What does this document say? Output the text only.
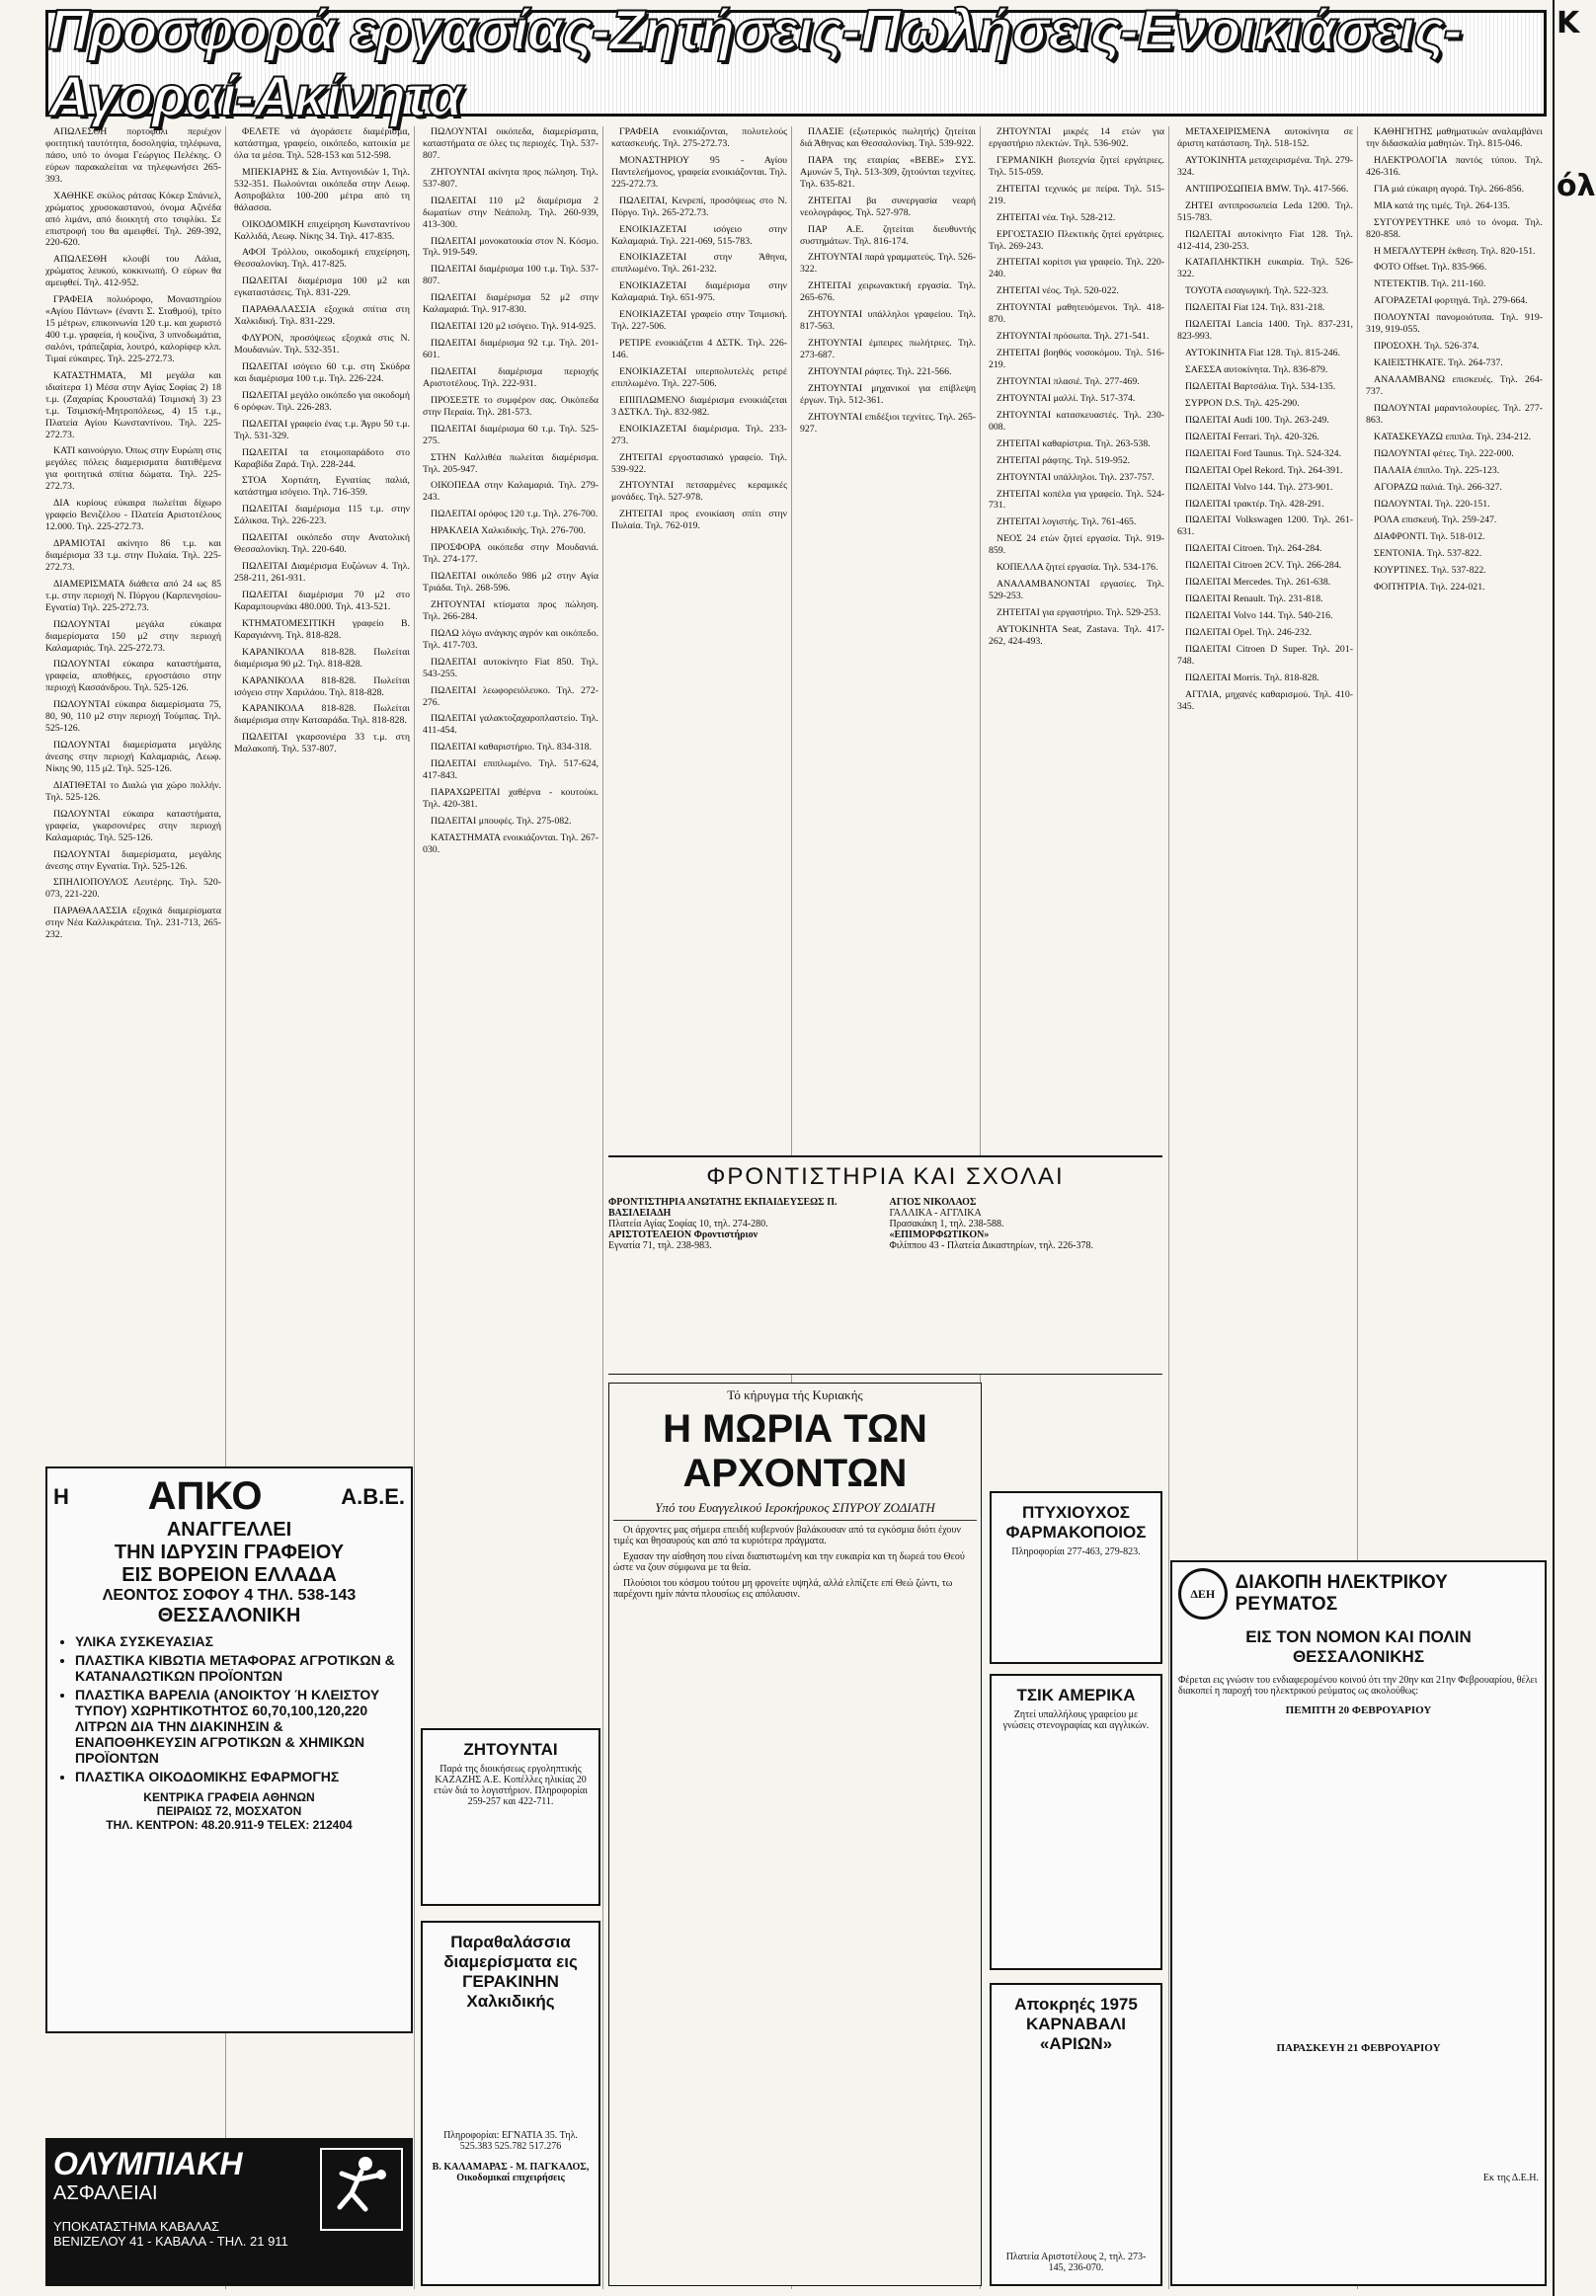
Προσφορά εργασίας-Ζητήσεις-Πωλήσεις-Ενοικιάσεις-Αγοραί-Ακίνητα
Κ
όλ

ΑΠΩΛΕΣΘΗ πορτοφόλι περιέχον φοιτητική ταυτότητα, δοσοληψία, τηλέφωνα, πάσο, υπό το όνομα Γεώργιος Πελέκης. Ο εύρων παρακαλείται να τηλεφωνήσει 265-393.

ΧΑΘΗΚΕ σκύλος ράτσας Κόκερ Σπάνιελ, χρώματος χρυσοκαστανού, όνομα Αζινέδα από λιμάνι, από διοικητή στο τσιφλίκι. Σε επιστροφή του θα αμειφθεί. Τηλ. 269-392, 220-620.

ΑΠΩΛΕΣΘΗ κλουβί του Λάλια, χρώματος λευκού, κοκκινωπή. Ο εύρων θα αμειφθεί. Τηλ. 412-952.

ΓΡΑΦΕΙΑ πολυόροφο, Μοναστηρίου «Αγίου Πάντων» (έναντι Σ. Σταθμού), τρίτο 15 μέτρων, επικοινωνία 120 τ.μ. και χωριστό 400 τ.μ. γραφεία, ή κουζίνα, 3 υπνοδωμάτια, σαλόνι, τράπεζαρία, λουτρό, καλορίφερ κλπ. Τιμαί εύκαιρες. Τηλ. 225-272.73.

ΚΑΤΑΣΤΗΜΑΤΑ, ΜΙ μεγάλα και ιδιαίτερα 1) Μέσα στην Αγίας Σοφίας 2) 18 τ.μ. (Ζαχαρίας Κρουσταλά) Τσιμισκή 3) 23 τ.μ. Τσιμισκή-Μητροπόλεως, 4) 15 τ.μ., Πλατεία Αγίου Κωνσταντίνου. Τηλ. 225-272.73.

ΚΑΤΙ καινούργιο. Όπως στην Ευρώπη στις μεγάλες πόλεις διαμερισματα διατιθέμενα για φοιτητικά σπίτια δώματα. Τηλ. 225-272.73.

ΔΙΑ κυρίους εύκαιρα πωλείται δίχωρο γραφείο Βενιζέλου - Πλατεία Αριστοτέλους 12.000. Τηλ. 225-272.73.

ΔΡΑΜΙΟΤΑΙ ακίνητο 86 τ.μ. και διαμέρισμα 33 τ.μ. στην Πυλαία. Τηλ. 225-272.73.

ΔΙΑΜΕΡΙΣΜΑΤΑ διάθετα από 24 ως 85 τ.μ. στην περιοχή Ν. Πύργου (Καρπενησίου-Εγνατία) Τηλ. 225-272.73.

ΠΩΛΟΥΝΤΑΙ μεγάλα εύκαιρα διαμερίσματα 150 μ2 στην περιοχή Καλαμαριάς. Τηλ. 225-272.73.

ΠΩΛΟΥΝΤΑΙ εύκαιρα καταστήματα, γραφεία, αποθήκες, εργοστάσιο στην περιοχή Κασσάνδρου. Τηλ. 525-126.

ΠΩΛΟΥΝΤΑΙ εύκαιρα διαμερίσματα 75, 80, 90, 110 μ2 στην περιοχή Τούμπας. Τηλ. 525-126.

ΠΩΛΟΥΝΤΑΙ διαμερίσματα μεγάλης άνεσης στην περιοχή Καλαμαριάς, Λεωφ. Νίκης 90, 115 μ2. Τηλ. 525-126.

ΔΙΑΤΙΘΕΤΑΙ το Διαλώ για χώρο πολλήν. Τηλ. 525-126.

ΠΩΛΟΥΝΤΑΙ εύκαιρα καταστήματα, γραφεία, γκαρσονιέρες στην περιοχή Καλαμαριάς. Τηλ. 525-126.

ΠΩΛΟΥΝΤΑΙ διαμερίσματα, μεγάλης άνεσης στην Εγνατία. Τηλ. 525-126.

ΣΠΗΛΙΟΠΟΥΛΟΣ Λευτέρης. Τηλ. 520-073, 221-220.

ΠΑΡΑΘΑΛΑΣΣΙΑ εξοχικά διαμερίσματα στην Νέα Καλλικράτεια. Τηλ. 231-713, 265-232.

ΦΕΛΕΤΕ νά άγοράσετε διαμέρισμα, κατάστημα, γραφείο, οικόπεδο, κατοικία με όλα τα μέσα. Τηλ. 528-153 και 512-598.

ΜΠΕΚΙΑΡΗΣ & Σία. Αντιγονιδών 1, Τηλ. 532-351. Πωλούνται οικόπεδα στην Λεωφ. Ασπροβάλτα 100-200 μέτρα από τη θάλασσα.

ΟΙΚΟΔΟΜΙΚΗ επιχείρηση Κωνσταντίνου Καλλιδά, Λεωφ. Νίκης 34. Τηλ. 417-835.

ΑΦΟΙ Τρόλλου, οικοδομική επιχείρηση, Θεσσαλονίκη. Τηλ. 417-825.

ΠΩΛΕΙΤΑΙ διαμέρισμα 100 μ2 και εγκαταστάσεις. Τηλ. 831-229.

ΠΑΡΑΘΑΛΑΣΣΙΑ εξοχικά σπίτια στη Χαλκιδική. Τηλ. 831-229.

ΦΛΥΡΟΝ, προσόψεως εξοχικά στις Ν. Μουδανιών. Τηλ. 532-351.

ΠΩΛΕΙΤΑΙ ισόγειο 60 τ.μ. στη Σκύδρα και διαμέρισμα 100 τ.μ. Τηλ. 226-224.

ΠΩΛΕΙΤΑΙ μεγάλο οικόπεδο για οικοδομή 6 ορόφων. Τηλ. 226-283.

ΠΩΛΕΙΤΑΙ γραφείο ένας τ.μ. Άγρυ 50 τ.μ. Τηλ. 531-329.

ΠΩΛΕΙΤΑΙ τα ετοιμοπαράδοτο στο Καραβίδα Ζαρά. Τηλ. 228-244.

ΣΤΟΑ Χορτιάτη, Εγνατίας παλιά, κατάστημα ισόγειο. Τηλ. 716-359.

ΠΩΛΕΙΤΑΙ διαμέρισμα 115 τ.μ. στην Σάλικσα. Τηλ. 226-223.

ΠΩΛΕΙΤΑΙ οικόπεδο στην Ανατολική Θεσσαλονίκη. Τηλ. 220-640.

ΠΩΛΕΙΤΑΙ Διαμέρισμα Ευζώνων 4. Τηλ. 258-211, 261-931.

ΠΩΛΕΙΤΑΙ διαμέρισμα 70 μ2 στο Καραμπουρνάκι 480.000. Τηλ. 413-521.

ΚΤΗΜΑΤΟΜΕΣΙΤΙΚΗ γραφείο Β. Καραγιάννη. Τηλ. 818-828.

ΚΑΡΑΝΙΚΟΛΑ 818-828. Πωλείται διαμέρισμα 90 μ2. Τηλ. 818-828.

ΚΑΡΑΝΙΚΟΛΑ 818-828. Πωλείται ισόγειο στην Χαριλάου. Τηλ. 818-828.

ΚΑΡΑΝΙΚΟΛΑ 818-828. Πωλείται διαμέρισμα στην Κατσαράδα. Τηλ. 818-828.

ΠΩΛΕΙΤΑΙ γκαρσονιέρα 33 τ.μ. στη Μαλακοπή. Τηλ. 537-807.

ΠΩΛΟΥΝΤΑΙ οικόπεδα, διαμερίσματα, καταστήματα σε όλες τις περιοχές. Τηλ. 537-807.

ΖΗΤΟΥΝΤΑΙ ακίνητα προς πώληση. Τηλ. 537-807.

ΠΩΛΕΙΤΑΙ 110 μ2 διαμέρισμα 2 δωματίων στην Νεάπολη. Τηλ. 260-939, 413-300.

ΠΩΛΕΙΤΑΙ μονοκατοικία στον Ν. Κόσμο. Τηλ. 919-549.

ΠΩΛΕΙΤΑΙ διαμέρισμα 100 τ.μ. Τηλ. 537-807.

ΠΩΛΕΙΤΑΙ διαμέρισμα 52 μ2 στην Καλαμαριά. Τηλ. 917-830.

ΠΩΛΕΙΤΑΙ 120 μ2 ισόγειο. Τηλ. 914-925.

ΠΩΛΕΙΤΑΙ διαμέρισμα 92 τ.μ. Τηλ. 201-601.

ΠΩΛΕΙΤΑΙ διαμέρισμα περιοχής Αριστοτέλους. Τηλ. 222-931.

ΠΡΟΣΕΞΤΕ το συμφέρον σας. Οικόπεδα στην Περαία. Τηλ. 281-573.

ΠΩΛΕΙΤΑΙ διαμέρισμα 60 τ.μ. Τηλ. 525-275.

ΣΤΗΝ Καλλιθέα πωλείται διαμέρισμα. Τηλ. 205-947.

ΟΙΚΟΠΕΔΑ στην Καλαμαριά. Τηλ. 279-243.

ΠΩΛΕΙΤΑΙ ορόφος 120 τ.μ. Τηλ. 276-700.

ΗΡΑΚΛΕΙΑ Χαλκιδικής. Τηλ. 276-700.

ΠΡΟΣΦΟΡΑ οικόπεδα στην Μουδανιά. Τηλ. 274-177.

ΠΩΛΕΙΤΑΙ οικόπεδο 986 μ2 στην Αγία Τριάδα. Τηλ. 268-596.

ΖΗΤΟΥΝΤΑΙ κτίσματα προς πώληση. Τηλ. 266-284.

ΠΩΛΩ λόγω ανάγκης αγρόν και οικόπεδο. Τηλ. 417-703.

ΠΩΛΕΙΤΑΙ αυτοκίνητο Fiat 850. Τηλ. 543-255.

ΠΩΛΕΙΤΑΙ λεωφορειόλευκο. Τηλ. 272-276.

ΠΩΛΕΙΤΑΙ γαλακτοζαχαροπλαστείο. Τηλ. 411-454.

ΠΩΛΕΙΤΑΙ καθαριστήριο. Τηλ. 834-318.

ΠΩΛΕΙΤΑΙ επιπλωμένο. Τηλ. 517-624, 417-843.

ΠΑΡΑΧΩΡΕΙΤΑΙ χαθέρνα - κουτούκι. Τηλ. 420-381.

ΠΩΛΕΙΤΑΙ μπουφές. Τηλ. 275-082.

ΚΑΤΑΣΤΗΜΑΤΑ ενοικιάζονται. Τηλ. 267-030.

ΓΡΑΦΕΙΑ ενοικιάζονται, πολυτελούς κατασκευής. Τηλ. 275-272.73.

ΜΟΝΑΣΤΗΡΙΟΥ 95 - Αγίου Παντελεήμονος, γραφεία ενοικιάζονται. Τηλ. 225-272.73.

ΠΩΛΕΙΤΑΙ, Κενρεπί, προσόψεως στο Ν. Πύργο. Τηλ. 265-272.73.

ΕΝΟΙΚΙΑΖΕΤΑΙ ισόγειο στην Καλαμαριά. Τηλ. 221-069, 515-783.

ΕΝΟΙΚΙΑΖΕΤΑΙ στην Άθηνα, επιπλωμένο. Τηλ. 261-232.

ΕΝΟΙΚΙΑΖΕΤΑΙ διαμέρισμα στην Καλαμαριά. Τηλ. 651-975.

ΕΝΟΙΚΙΑΖΕΤΑΙ γραφείο στην Τσιμισκή. Τηλ. 227-506.

ΡΕΤΙΡΕ ενοικιάζεται 4 ΔΣΤΚ. Τηλ. 226-146.

ΕΝΟΙΚΙΑΖΕΤΑΙ υπερπολυτελές ρετιρέ επιπλωμένο. Τηλ. 227-506.

ΕΠΙΠΛΩΜΕΝΟ διαμέρισμα ενοικιάζεται 3 ΔΣΤΚΛ. Τηλ. 832-982.

ΕΝΟΙΚΙΑΖΕΤΑΙ διαμέρισμα. Τηλ. 233-273.

ΖΗΤΕΙΤΑΙ εργοστασιακό γραφείο. Τηλ. 539-922.

ΖΗΤΟΥΝΤΑΙ πετσαρμένες κεραμικές μονάδες. Τηλ. 527-978.

ΖΗΤΕΙΤΑΙ προς ενοικίαση σπίτι στην Πυλαία. Τηλ. 762-019.

ΠΛΑΣΙΕ (εξωτερικός πωλητής) ζητείται διά Άθηνας και Θεσσαλονίκη. Τηλ. 539-922.

ΠΑΡΑ της εταιρίας «ΒΕΒΕ» ΣΥΣ. Αμυνών 5, Τηλ. 513-309, ζητούνται τεχνίτες. Τηλ. 635-821.

ΖΗΤΕΙΤΑΙ βα συνεργασία νεαρή νεολογράφος. Τηλ. 527-978.

ΠΑΡ Α.Ε. ζητείται διευθυντής συστημάτων. Τηλ. 816-174.

ΖΗΤΟΥΝΤΑΙ παρά γραμματεύς. Τηλ. 526-322.

ΖΗΤΕΙΤΑΙ χειρωνακτική εργασία. Τηλ. 265-676.

ΖΗΤΟΥΝΤΑΙ υπάλληλοι γραφείου. Τηλ. 817-563.

ΖΗΤΟΥΝΤΑΙ έμπειρες πωλήτριες. Τηλ. 273-687.

ΖΗΤΟΥΝΤΑΙ ράφτες. Τηλ. 221-566.

ΖΗΤΟΥΝΤΑΙ μηχανικοί για επίβλεψη έργων. Τηλ. 512-361.

ΖΗΤΟΥΝΤΑΙ επιδέξιοι τεχνίτες. Τηλ. 265-927.

ΖΗΤΟΥΝΤΑΙ μικρές 14 ετών για εργαστήριο πλεκτών. Τηλ. 536-902.

ΓΕΡΜΑΝΙΚΗ βιοτεχνία ζητεί εργάτριες. Τηλ. 515-059.

ΖΗΤΕΙΤΑΙ τεχνικός με πείρα. Τηλ. 515-219.

ΖΗΤΕΙΤΑΙ νέα. Τηλ. 528-212.

ΕΡΓΟΣΤΑΣΙΟ Πλεκτικής ζητεί εργάτριες. Τηλ. 269-243.

ΖΗΤΕΙΤΑΙ κορίτσι για γραφείο. Τηλ. 220-240.

ΖΗΤΕΙΤΑΙ νέος. Τηλ. 520-022.

ΖΗΤΟΥΝΤΑΙ μαθητευόμενοι. Τηλ. 418-870.

ΖΗΤΟΥΝΤΑΙ πρόσωπα. Τηλ. 271-541.

ΖΗΤΕΙΤΑΙ βοηθός νοσοκόμου. Τηλ. 516-219.

ΖΗΤΟΥΝΤΑΙ πλασιέ. Τηλ. 277-469.

ΖΗΤΟΥΝΤΑΙ μαλλί. Τηλ. 517-374.

ΖΗΤΟΥΝΤΑΙ κατασκευαστές. Τηλ. 230-008.

ΖΗΤΕΙΤΑΙ καθαρίστρια. Τηλ. 263-538.

ΖΗΤΕΙΤΑΙ ράφτης. Τηλ. 519-952.

ΖΗΤΟΥΝΤΑΙ υπάλληλοι. Τηλ. 237-757.

ΖΗΤΕΙΤΑΙ κοπέλα για γραφείο. Τηλ. 524-731.

ΖΗΤΕΙΤΑΙ λογιστής. Τηλ. 761-465.

ΝΕΟΣ 24 ετών ζητεί εργασία. Τηλ. 919-859.

ΚΟΠΕΛΛΑ ζητεί εργασία. Τηλ. 534-176.

ΑΝΑΛΑΜΒΑΝΟΝΤΑΙ εργασίες. Τηλ. 529-253.

ΖΗΤΕΙΤΑΙ για εργαστήριο. Τηλ. 529-253.

ΑΥΤΟΚΙΝΗΤΑ Seat, Zastava. Τηλ. 417-262, 424-493.

ΜΕΤΑΧΕΙΡΙΣΜΕΝΑ αυτοκίνητα σε άριστη κατάσταση. Τηλ. 518-152.

ΑΥΤΟΚΙΝΗΤΑ μεταχειρισμένα. Τηλ. 279-324.

ΑΝΤΙΠΡΟΣΩΠΕΙΑ BMW. Τηλ. 417-566.

ΖΗΤΕΙ αντιπροσωπεία Leda 1200. Τηλ. 515-783.

ΠΩΛΕΙΤΑΙ αυτοκίνητο Fiat 128. Τηλ. 412-414, 230-253.

ΚΑΤΑΠΛΗΚΤΙΚΗ ευκαιρία. Τηλ. 526-322.

ΤΟΥΟΤΑ εισαγωγική. Τηλ. 522-323.

ΠΩΛΕΙΤΑΙ Fiat 124. Τηλ. 831-218.

ΠΩΛΕΙΤΑΙ Lancia 1400. Τηλ. 837-231, 823-993.

ΑΥΤΟΚΙΝΗΤΑ Fiat 128. Τηλ. 815-246.

ΣΑΕΣΣΑ αυτοκίνητα. Τηλ. 836-879.

ΠΩΛΕΙΤΑΙ Βαρτσάλια. Τηλ. 534-135.

ΣΥΡΡΟΝ D.S. Τηλ. 425-290.

ΠΩΛΕΙΤΑΙ Audi 100. Τηλ. 263-249.

ΠΩΛΕΙΤΑΙ Ferrari. Τηλ. 420-326.

ΠΩΛΕΙΤΑΙ Ford Taunus. Τηλ. 524-324.

ΠΩΛΕΙΤΑΙ Opel Rekord. Τηλ. 264-391.

ΠΩΛΕΙΤΑΙ Volvo 144. Τηλ. 273-901.

ΠΩΛΕΙΤΑΙ τρακτέρ. Τηλ. 428-291.

ΠΩΛΕΙΤΑΙ Volkswagen 1200. Τηλ. 261-631.

ΠΩΛΕΙΤΑΙ Citroen. Τηλ. 264-284.

ΠΩΛΕΙΤΑΙ Citroen 2CV. Τηλ. 266-284.

ΠΩΛΕΙΤΑΙ Mercedes. Τηλ. 261-638.

ΠΩΛΕΙΤΑΙ Renault. Τηλ. 231-818.

ΠΩΛΕΙΤΑΙ Volvo 144. Τηλ. 540-216.

ΠΩΛΕΙΤΑΙ Opel. Τηλ. 246-232.

ΠΩΛΕΙΤΑΙ Citroen D Super. Τηλ. 201-748.

ΠΩΛΕΙΤΑΙ Morris. Τηλ. 818-828.

ΑΓΓΛΙΑ, μηχανές καθαρισμού. Τηλ. 410-345.

ΚΑΘΗΓΗΤΗΣ μαθηματικών αναλαμβάνει την διδασκαλία μαθητών. Τηλ. 815-046.

ΗΛΕΚΤΡΟΛΟΓΙΑ παντός τύπου. Τηλ. 426-316.

ΓΙΑ μιά εύκαιρη αγορά. Τηλ. 266-856.

ΜΙΑ κατά της τιμές. Τηλ. 264-135.

ΣΥΓΟΥΡΕΥΤΗΚΕ υπό το όνομα. Τηλ. 820-858.

Η ΜΕΓΑΛΥΤΕΡΗ έκθεση. Τηλ. 820-151.

ΦΟΤΟ Offset. Τηλ. 835-966.

ΝΤΕΤΕΚΤΙΒ. Τηλ. 211-160.

ΑΓΟΡΑΖΕΤΑΙ φορτηγά. Τηλ. 279-664.

ΠΟΛΟΥΝΤΑΙ πανομοιότυπα. Τηλ. 919-319, 919-055.

ΠΡΟΣΟΧΗ. Τηλ. 526-374.

ΚΑΙΕΙΣΤΗΚΑΤΕ. Τηλ. 264-737.

ΑΝΑΛΑΜΒΑΝΩ επισκευές. Τηλ. 264-737.

ΠΩΛΟΥΝΤΑΙ μαραντολουρίες. Τηλ. 277-863.

ΚΑΤΑΣΚΕΥΑΖΩ επιπλα. Τηλ. 234-212.

ΠΩΛΟΥΝΤΑΙ φέτες. Τηλ. 222-000.

ΠΑΛΑΙΑ έπιπλο. Τηλ. 225-123.

ΑΓΟΡΑΖΩ παλιά. Τηλ. 266-327.

ΠΩΛΟΥΝΤΑΙ. Τηλ. 220-151.

ΡΟΛΑ επισκευή. Τηλ. 259-247.

ΔΙΑΦΡΟΝΤΙ. Τηλ. 518-012.

ΣΕΝΤΟΝΙΑ. Τηλ. 537-822.

ΚΟΥΡΤΙΝΕΣ. Τηλ. 537-822.

ΦΟΙΤΗΤΡΙΑ. Τηλ. 224-021.

Η ΑΠΚΟ	Α.Β.Ε.
ΑΝΑΓΓΕΛΛΕΙ
ΤΗΝ ΙΔΡΥΣΙΝ ΓΡΑΦΕΙΟΥ
ΕΙΣ ΒΟΡΕΙΟΝ ΕΛΛΑΔΑ
ΛΕΟΝΤΟΣ ΣΟΦΟΥ 4 ΤΗΛ. 538-143
ΘΕΣΣΑΛΟΝΙΚΗ
• ΥΛΙΚΑ ΣΥΣΚΕΥΑΣΙΑΣ
• ΠΛΑΣΤΙΚΑ ΚΙΒΩΤΙΑ ΜΕΤΑΦΟΡΑΣ ΑΓΡΟΤΙΚΩΝ & ΚΑΤΑΝΑΛΩΤΙΚΩΝ ΠΡΟΪΟΝΤΩΝ
• ΠΛΑΣΤΙΚΑ ΒΑΡΕΛΙΑ (ΑΝΟΙΚΤΟΥ Ή ΚΛΕΙΣΤΟΥ ΤΥΠΟΥ) ΧΩΡΗΤΙΚΟΤΗΤΟΣ 60,70,100,120,220 ΛΙΤΡΩΝ ΔΙΑ ΤΗΝ ΔΙΑΚΙΝΗΣΙΝ & ΕΝΑΠΟΘΗΚΕΥΣΙΝ ΑΓΡΟΤΙΚΩΝ & ΧΗΜΙΚΩΝ ΠΡΟΪΟΝΤΩΝ
• ΠΛΑΣΤΙΚΑ ΟΙΚΟΔΟΜΙΚΗΣ ΕΦΑΡΜΟΓΗΣ
ΚΕΝΤΡΙΚΑ ΓΡΑΦΕΙΑ ΑΘΗΝΩΝ
ΠΕΙΡΑΙΩΣ 72, ΜΟΣΧΑΤΟΝ
ΤΗΛ. ΚΕΝΤΡΟΝ: 48.20.911-9 TELEX: 212404
ΟΛΥΜΠΙΑΚΗ
ΑΣΦΑΛΕΙΑΙ
ΥΠΟΚΑΤΑΣΤΗΜΑ ΚΑΒΑΛΑΣ
ΒΕΝΙΖΕΛΟΥ 41 - ΚΑΒΑΛΑ - ΤΗΛ. 21 911
ΖΗΤΟΥΝΤΑΙ
Παρά της διοικήσεως εργοληπτικής ΚΑΖΑΖΗΣ Α.Ε. Κοπέλλες ηλικίας 20 ετών διά το λογιστήριον. Πληροφορίαι 259-257 και 422-711.
Παραθαλάσσια διαμερίσματα εις ΓΕΡΑΚΙΝΗΝ Χαλκιδικής
Πληροφορίαι: ΕΓΝΑΤΙΑ 35. Τηλ. 525.383 525.782 517.276
Β. ΚΑΛΑΜΑΡΑΣ - Μ. ΠΑΓΚΑΛΟΣ, Οικοδομικαί επιχειρήσεις
ΦΡΟΝΤΙΣΤΗΡΙΑ ΚΑΙ ΣΧΟΛΑΙ
ΦΡΟΝΤΙΣΤΗΡΙΑ ΑΝΩΤΑΤΗΣ ΕΚΠΑΙΔΕΥΣΕΩΣ Π. ΒΑΣΙΛΕΙΑΔΗ
Πλατεία Αγίας Σοφίας 10, τηλ. 274-280.
ΑΡΙΣΤΟΤΕΛΕΙΟΝ Φροντιστήριον
Εγνατία 71, τηλ. 238-983.
ΑΓΙΟΣ ΝΙΚΟΛΑΟΣ
ΓΑΛΛΙΚΑ - ΑΓΓΛΙΚΑ
Πρασακάκη 1, τηλ. 238-588.
«ΕΠΙΜΟΡΦΩΤΙΚΟΝ»
Φιλίππου 43 - Πλατεία Δικαστηρίων, τηλ. 226-378.
Τό κήρυγμα τής Κυριακής
Η ΜΩΡΙΑ ΤΩΝ ΑΡΧΟΝΤΩΝ
Υπό του Ευαγγελικού Ιεροκήρυκος ΣΠΥΡΟΥ ΖΟΔΙΑΤΗ

Οι άρχοντες μας σήμερα επειδή κυβερνούν βαλάκουσαν από τα εγκόσμια διότι έχουν τιμές και θησαυρούς και από τα κυριότερα πράγματα.

Εχασαν την αίσθηση που είναι διαπιστωμένη και την ευκαιρία και τη δωρεά του Θεού ώστε να ζουν σύμφωνα με τα θεία.

Πλούσιοι του κόσμου τούτου μη φρονείτε υψηλά, αλλά ελπίζετε επί Θεώ ζώντι, τω παρέχοντι ημίν πάντα πλουσίως εις απόλαυσιν.

ΠΤΥΧΙΟΥΧΟΣ ΦΑΡΜΑΚΟΠΟΙΟΣ
Πληροφορίαι 277-463, 279-823.
ΤΣΙΚ ΑΜΕΡΙΚΑ
Ζητεί υπαλλήλους γραφείου με γνώσεις στενογραφίας και αγγλικών.
Αποκρηές 1975 ΚΑΡΝΑΒΑΛΙ «ΑΡΙΩΝ»
Πλατεία Αριστοτέλους 2, τηλ. 273-145, 236-070.
ΔΕΗ
ΔΙΑΚΟΠΗ ΗΛΕΚΤΡΙΚΟΥ ΡΕΥΜΑΤΟΣ
ΕΙΣ ΤΟΝ ΝΟΜΟΝ ΚΑΙ ΠΟΛΙΝ ΘΕΣΣΑΛΟΝΙΚΗΣ
Φέρεται εις γνώσιν του ενδιαφερομένου κοινού ότι την 20ην και 21ην Φεβρουαρίου, θέλει διακοπεί η παροχή του ηλεκτρικού ρεύματος ως ακολούθως:
ΠΕΜΠΤΗ 20 ΦΕΒΡΟΥΑΡΙΟΥ
ΠΑΡΑΣΚΕΥΗ 21 ΦΕΒΡΟΥΑΡΙΟΥ
Εκ της Δ.Ε.Η.
